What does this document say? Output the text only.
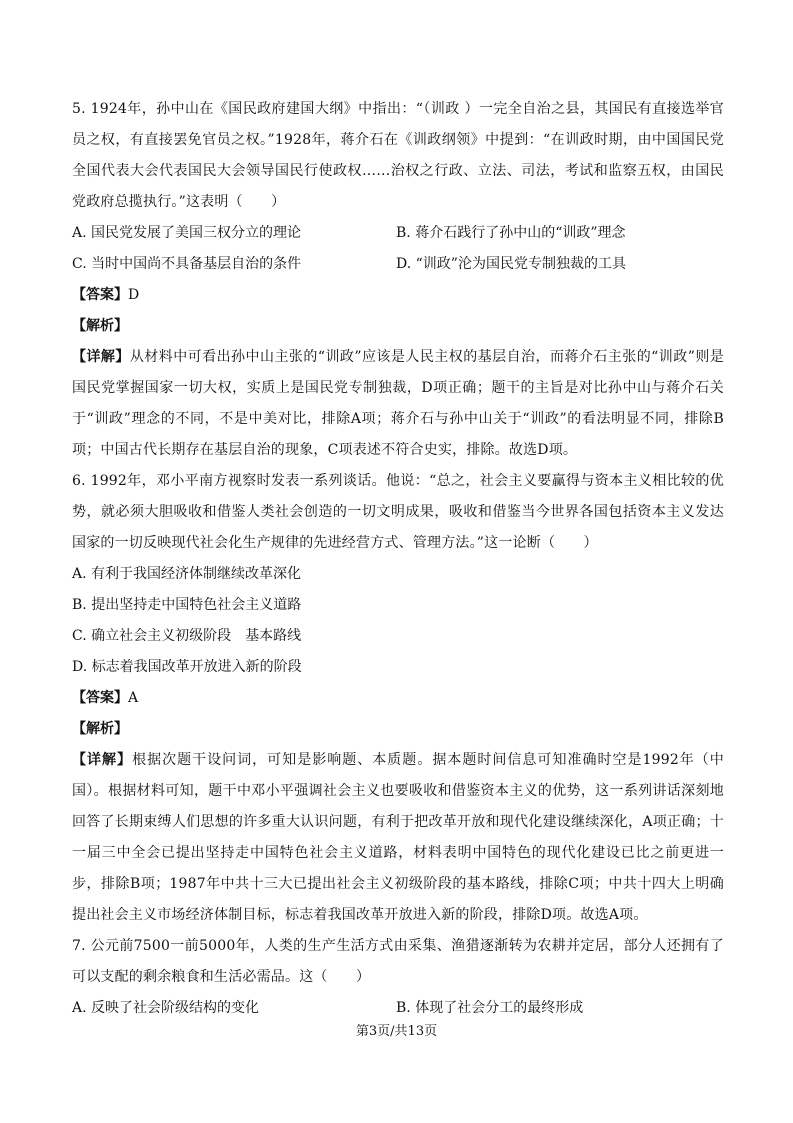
5. 1924年，孙中山在《国民政府建国大纲》中指出：“（训政 ）一完全自治之县，其国民有直接选举官员之权，有直接罢免官员之权。”1928年，蒋介石在《训政纲领》中提到：“在训政时期，由中国国民党全国代表大会代表国民大会领导国民行使政权……治权之行政、立法、司法，考试和监察五权，由国民党政府总揽执行。”这表明（　　）

A. 国民党发展了美国三权分立的理论	B. 蒋介石践行了孙中山的“训政”理念
C. 当时中国尚不具备基层自治的条件	D. “训政”沦为国民党专制独裁的工具

【答案】D

【解析】

【详解】从材料中可看出孙中山主张的“训政”应该是人民主权的基层自治，而蒋介石主张的“训政”则是国民党掌握国家一切大权，实质上是国民党专制独裁，D项正确；题干的主旨是对比孙中山与蒋介石关于“训政”理念的不同，不是中美对比，排除A项；蒋介石与孙中山关于“训政”的看法明显不同，排除B项；中国古代长期存在基层自治的现象，C项表述不符合史实，排除。故选D项。

6. 1992年，邓小平南方视察时发表一系列谈话。他说：“总之，社会主义要赢得与资本主义相比较的优势，就必须大胆吸收和借鉴人类社会创造的一切文明成果，吸收和借鉴当今世界各国包括资本主义发达国家的一切反映现代社会化生产规律的先进经营方式、管理方法。”这一论断（　　）

A. 有利于我国经济体制继续改革深化

B. 提出坚持走中国特色社会主义道路

C. 确立社会主义初级阶段　基本路线

D. 标志着我国改革开放进入新的阶段

【答案】A

【解析】

【详解】根据次题干设问词，可知是影响题、本质题。据本题时间信息可知准确时空是1992年（中国）。根据材料可知，题干中邓小平强调社会主义也要吸收和借鉴资本主义的优势，这一系列讲话深刻地回答了长期束缚人们思想的许多重大认识问题，有利于把改革开放和现代化建设继续深化，A项正确；十一届三中全会已提出坚持走中国特色社会主义道路，材料表明中国特色的现代化建设已比之前更进一步，排除B项；1987年中共十三大已提出社会主义初级阶段的基本路线，排除C项；中共十四大上明确提出社会主义市场经济体制目标，标志着我国改革开放进入新的阶段，排除D项。故选A项。

7. 公元前7500一前5000年，人类的生产生活方式由采集、渔猎逐渐转为农耕并定居，部分人还拥有了可以支配的剩余粮食和生活必需品。这（　　）

A. 反映了社会阶级结构的变化	B. 体现了社会分工的最终形成
第3页/共13页
